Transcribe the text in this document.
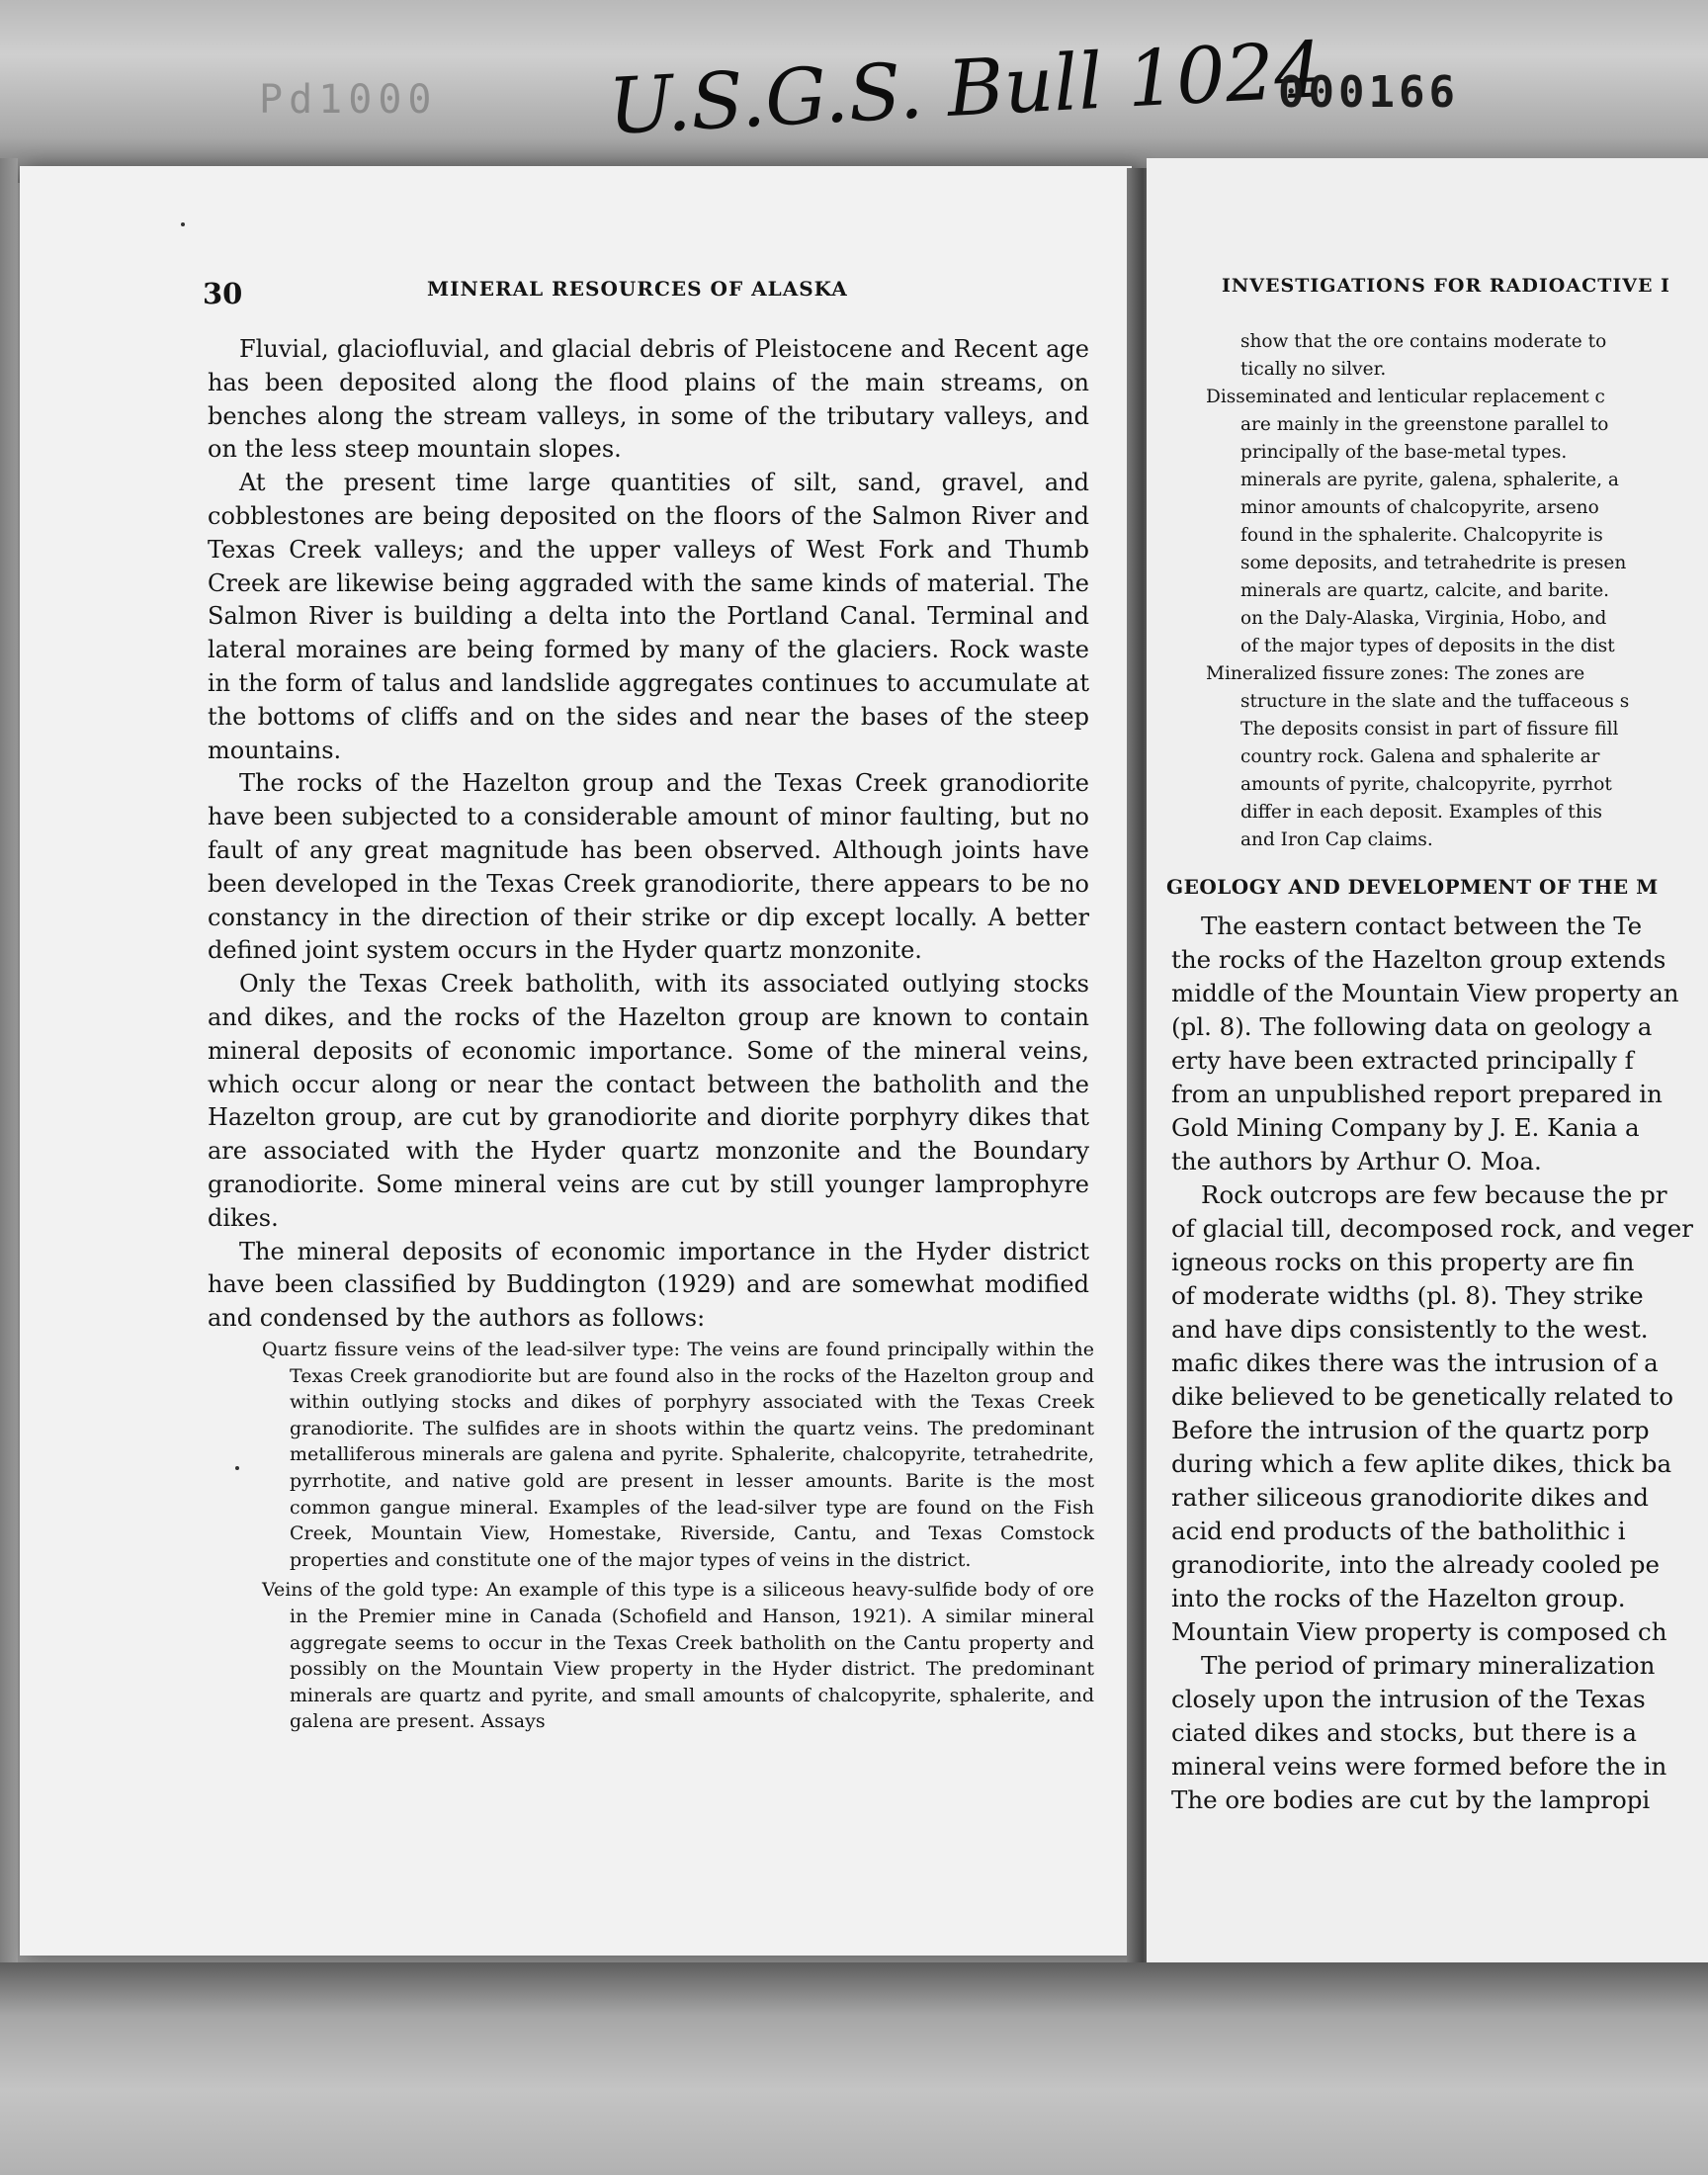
Pd1000 U.S.G.S. Bull 1024
000166
30	MINERAL RESOURCES OF ALASKA

Fluvial, glaciofluvial, and glacial debris of Pleistocene and Recent age has been deposited along the flood plains of the main streams, on benches along the stream valleys, in some of the tributary valleys, and on the less steep mountain slopes.

At the present time large quantities of silt, sand, gravel, and cobblestones are being deposited on the floors of the Salmon River and Texas Creek valleys; and the upper valleys of West Fork and Thumb Creek are likewise being aggraded with the same kinds of material. The Salmon River is building a delta into the Portland Canal. Terminal and lateral moraines are being formed by many of the glaciers. Rock waste in the form of talus and landslide aggregates continues to accumulate at the bottoms of cliffs and on the sides and near the bases of the steep mountains.

The rocks of the Hazelton group and the Texas Creek granodiorite have been subjected to a considerable amount of minor faulting, but no fault of any great magnitude has been observed. Although joints have been developed in the Texas Creek granodiorite, there appears to be no constancy in the direction of their strike or dip except locally. A better defined joint system occurs in the Hyder quartz monzonite.

Only the Texas Creek batholith, with its associated outlying stocks and dikes, and the rocks of the Hazelton group are known to contain mineral deposits of economic importance. Some of the mineral veins, which occur along or near the contact between the batholith and the Hazelton group, are cut by granodiorite and diorite porphyry dikes that are associated with the Hyder quartz monzonite and the Boundary granodiorite. Some mineral veins are cut by still younger lamprophyre dikes.

The mineral deposits of economic importance in the Hyder district have been classified by Buddington (1929) and are somewhat modified and condensed by the authors as follows:

Quartz fissure veins of the lead-silver type: The veins are found principally within the Texas Creek granodiorite but are found also in the rocks of the Hazelton group and within outlying stocks and dikes of porphyry associated with the Texas Creek granodiorite. The sulfides are in shoots within the quartz veins. The predominant metalliferous minerals are galena and pyrite. Sphalerite, chalcopyrite, tetrahedrite, pyrrhotite, and native gold are present in lesser amounts. Barite is the most common gangue mineral. Examples of the lead-silver type are found on the Fish Creek, Mountain View, Homestake, Riverside, Cantu, and Texas Comstock properties and constitute one of the major types of veins in the district.

Veins of the gold type: An example of this type is a siliceous heavy-sulfide body of ore in the Premier mine in Canada (Schofield and Hanson, 1921). A similar mineral aggregate seems to occur in the Texas Creek batholith on the Cantu property and possibly on the Mountain View property in the Hyder district. The predominant minerals are quartz and pyrite, and small amounts of chalcopyrite, sphalerite, and galena are present. Assays

INVESTIGATIONS FOR RADIOACTIVE I

show that the ore contains moderate to

tically no silver.

Disseminated and lenticular replacement c

are mainly in the greenstone parallel to

principally of the base-metal types.

minerals are pyrite, galena, sphalerite, a

minor amounts of chalcopyrite, arseno

found in the sphalerite. Chalcopyrite is

some deposits, and tetrahedrite is presen

minerals are quartz, calcite, and barite.

on the Daly-Alaska, Virginia, Hobo, and

of the major types of deposits in the dist

Mineralized fissure zones: The zones are

structure in the slate and the tuffaceous s

The deposits consist in part of fissure fill

country rock. Galena and sphalerite ar

amounts of pyrite, chalcopyrite, pyrrhot

differ in each deposit. Examples of this

and Iron Cap claims.

GEOLOGY AND DEVELOPMENT OF THE M
The eastern contact between the Te
the rocks of the Hazelton group extends
middle of the Mountain View property an
(pl. 8). The following data on geology a
erty have been extracted principally f
from an unpublished report prepared in
Gold Mining Company by J. E. Kania a
the authors by Arthur O. Moa.
Rock outcrops are few because the pr
of glacial till, decomposed rock, and veger
igneous rocks on this property are fin
of moderate widths (pl. 8). They strike
and have dips consistently to the west.
mafic dikes there was the intrusion of a
dike believed to be genetically related to
Before the intrusion of the quartz porp
during which a few aplite dikes, thick ba
rather siliceous granodiorite dikes and
acid end products of the batholithic i
granodiorite, into the already cooled pe
into the rocks of the Hazelton group.
Mountain View property is composed ch
The period of primary mineralization
closely upon the intrusion of the Texas
ciated dikes and stocks, but there is a
mineral veins were formed before the in
The ore bodies are cut by the lampropi
